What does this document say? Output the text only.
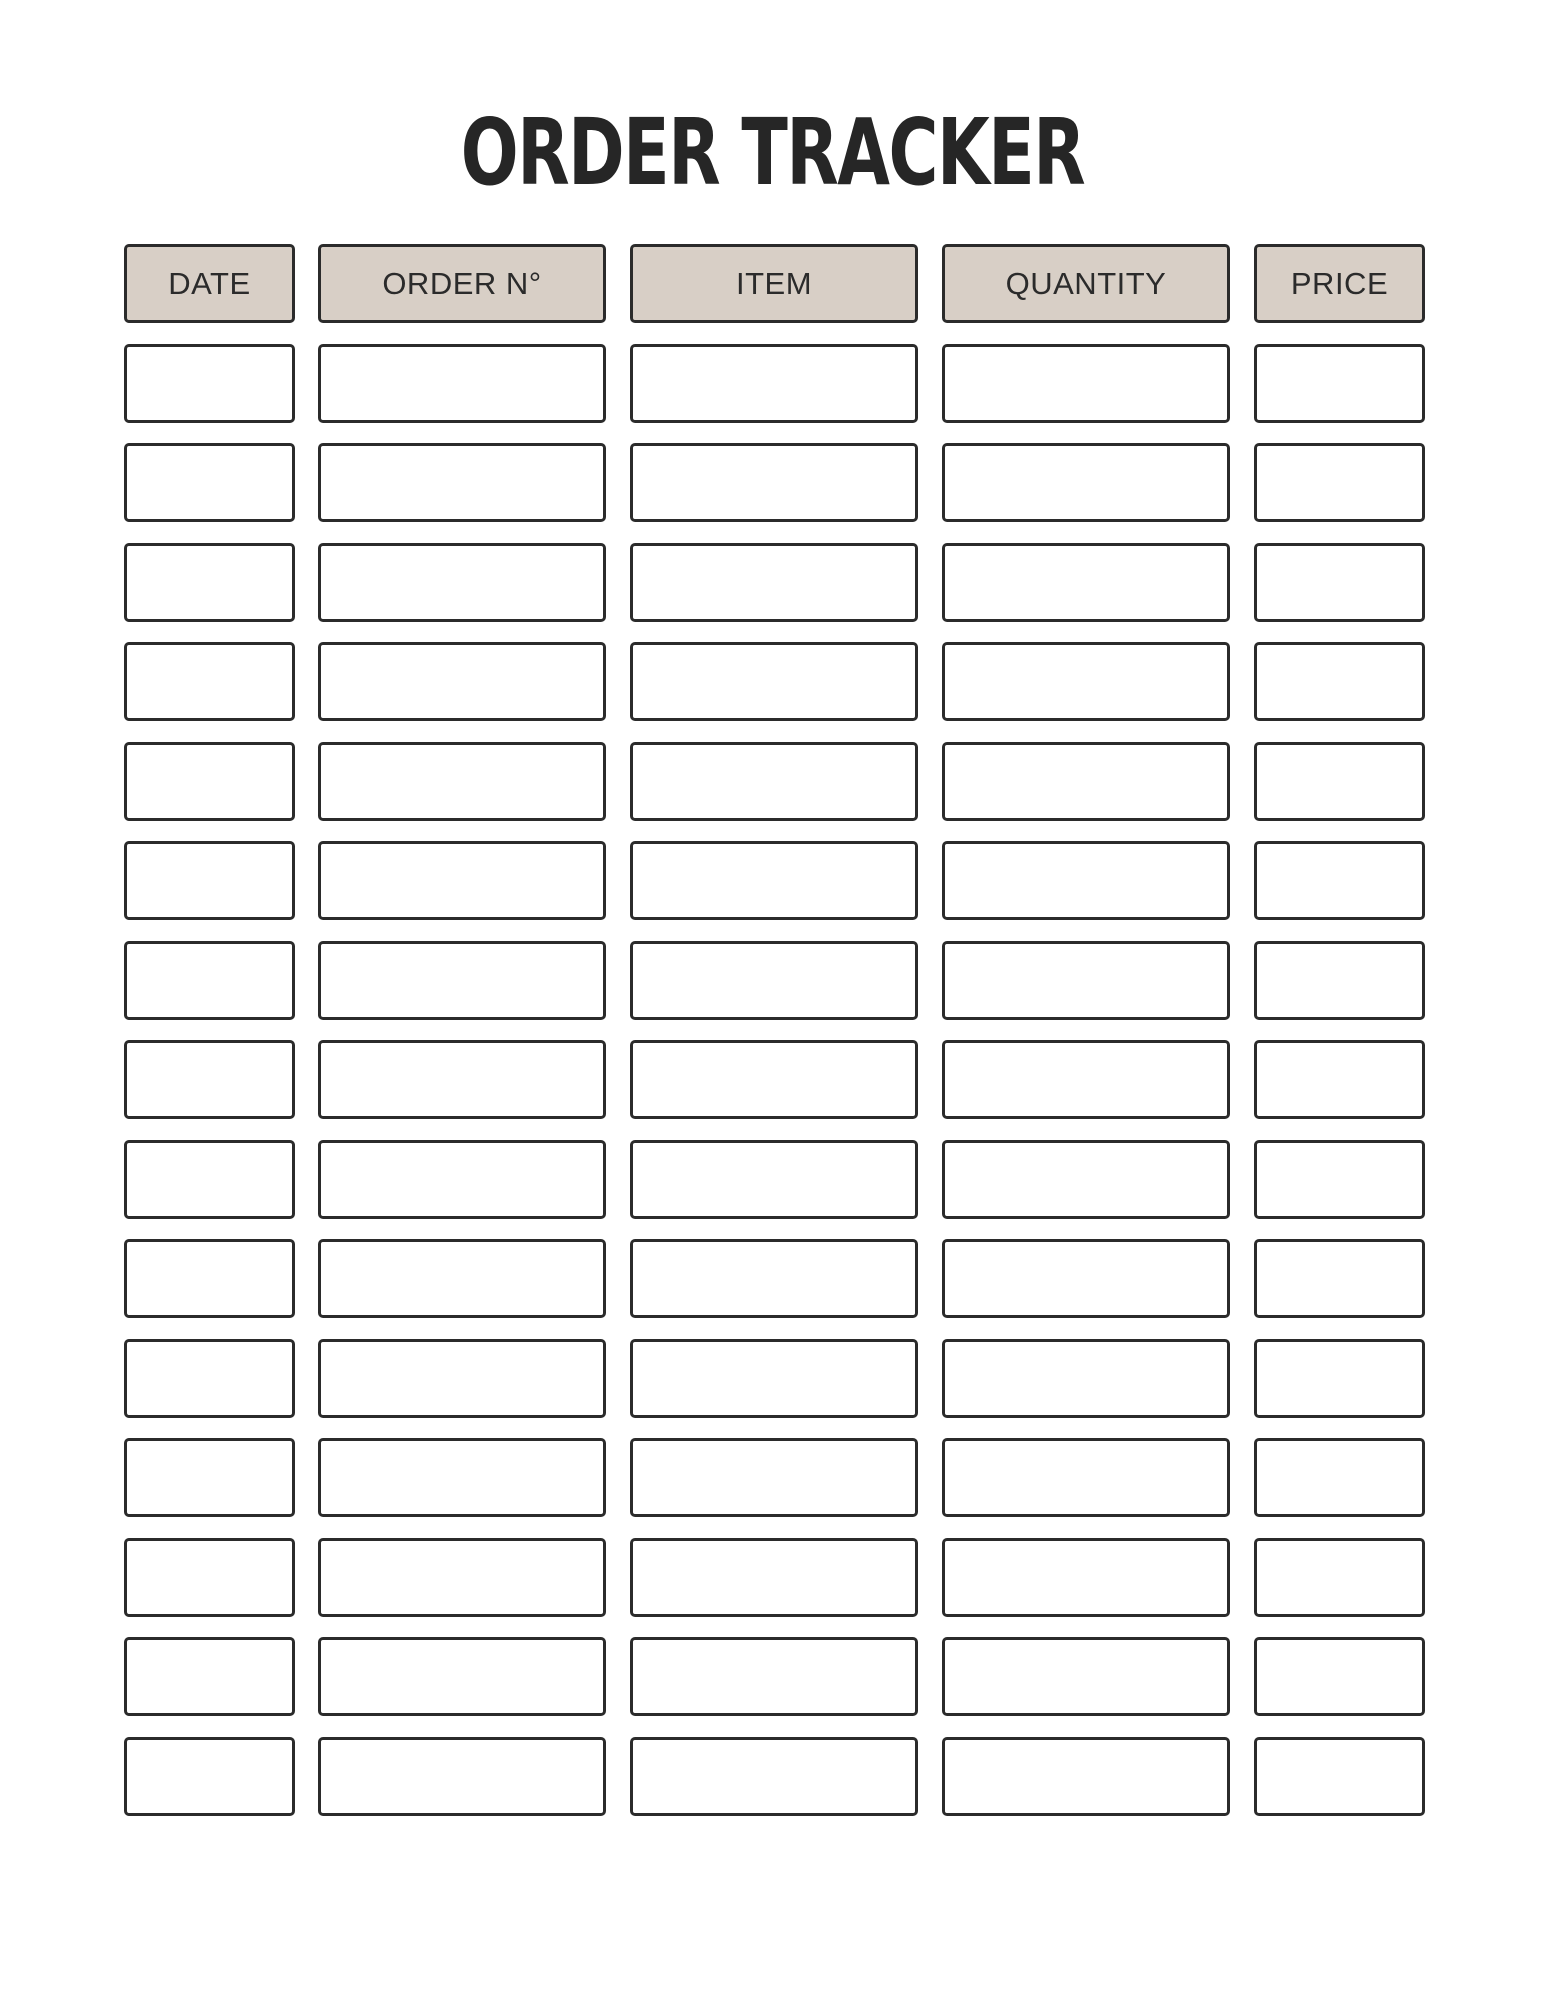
ORDER TRACKER
DATE	ORDER N°	ITEM	QUANTITY	PRICE
